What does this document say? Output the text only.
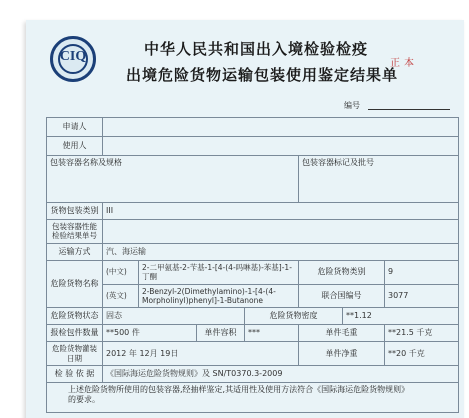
CIQ	中华人民共和国出入境检验检疫
出境危险货物运输包装使用鉴定结果单
正本
编号
申请人							
使用人							
包装容器名称及规格					包装容器标记及批号		
货物包装类别	III						
包装容器性能检验结果单号							
运输方式	汽、海运输						
危险货物名称	(中文)	2-二甲氨基-2-苄基-1-[4-(4-吗啉基)-苯基]-1-丁酮			危险货物类别		9
	(英文)	2-Benzyl-2(Dimethylamino)-1-[4-(4-Morpholinyl)phenyl]-1-Butanone			联合国编号		3077
危险货物状态	固态			危险货物密度		**1.12	
报检包件数量	**500 件		单件容积	***	单件毛重		**21.5 千克
危险货物灌装日期	2012 年 12月 19日				单件净重		**20 千克
检 验 依 据	《国际海运危险货物规则》及 SN/T0370.3-2009						

上述危险货物所使用的包装容器,经抽样鉴定,其适用性及使用方法符合《国际海运危险货物规则》
的要求。							
